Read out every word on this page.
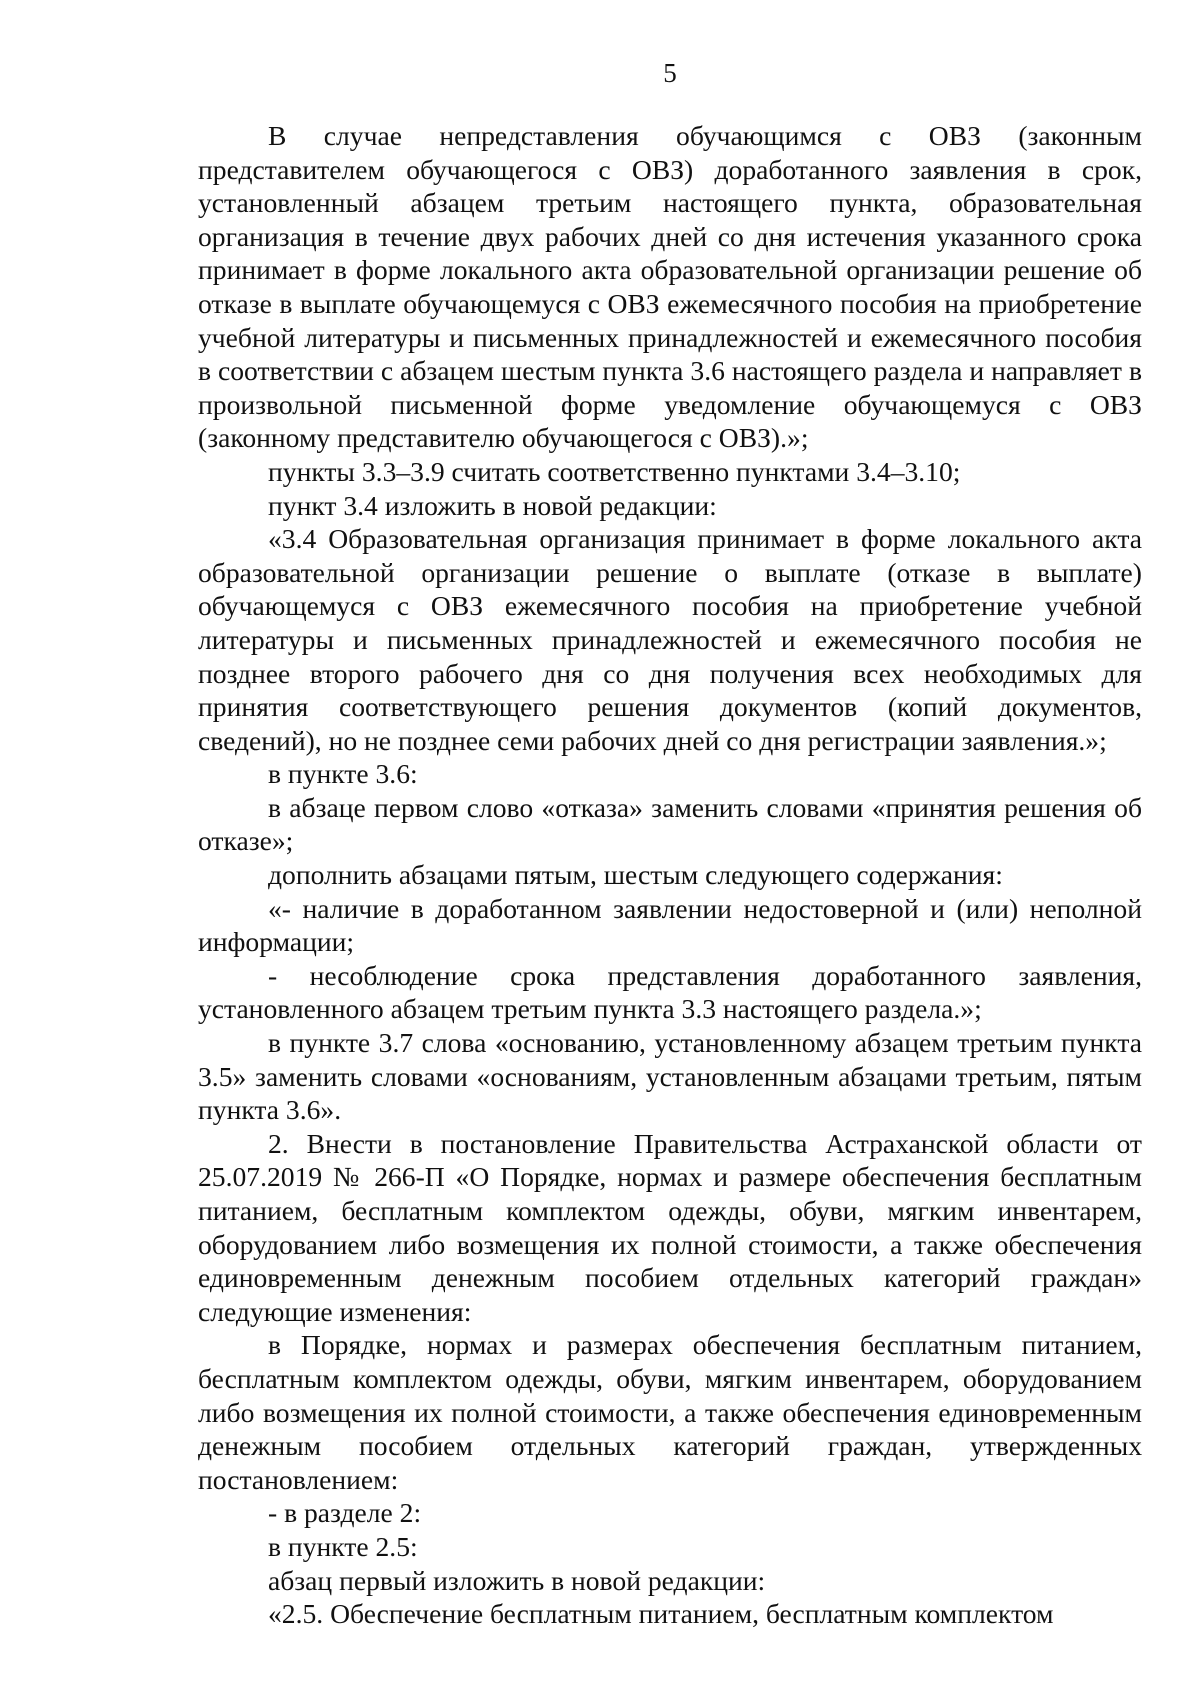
5

В случае непредставления обучающимся с ОВЗ (законным представителем обучающегося с ОВЗ) доработанного заявления в срок, установленный абзацем третьим настоящего пункта, образовательная организация в течение двух рабочих дней со дня истечения указанного срока принимает в форме локального акта образовательной организации решение об отказе в выплате обучающемуся с ОВЗ ежемесячного пособия на приобретение учебной литературы и письменных принадлежностей и ежемесячного пособия в соответствии с абзацем шестым пункта 3.6 настоящего раздела и направляет в произвольной письменной форме уведомление обучающемуся с ОВЗ (законному представителю обучающегося с ОВЗ).»;

пункты 3.3–3.9 считать соответственно пунктами 3.4–3.10;

пункт 3.4 изложить в новой редакции:

«3.4 Образовательная организация принимает в форме локального акта образовательной организации решение о выплате (отказе в выплате) обучающемуся с ОВЗ ежемесячного пособия на приобретение учебной литературы и письменных принадлежностей и ежемесячного пособия не позднее второго рабочего дня со дня получения всех необходимых для принятия соответствующего решения документов (копий документов, сведений), но не позднее семи рабочих дней со дня регистрации заявления.»;

в пункте 3.6:

в абзаце первом слово «отказа» заменить словами «принятия решения об отказе»;

дополнить абзацами пятым, шестым следующего содержания:

«- наличие в доработанном заявлении недостоверной и (или) неполной информации;

- несоблюдение срока представления доработанного заявления, установленного абзацем третьим пункта 3.3 настоящего раздела.»;

в пункте 3.7 слова «основанию, установленному абзацем третьим пункта 3.5» заменить словами «основаниям, установленным абзацами третьим, пятым пункта 3.6».

2. Внести в постановление Правительства Астраханской области от 25.07.2019 № 266-П «О Порядке, нормах и размере обеспечения бесплатным питанием, бесплатным комплектом одежды, обуви, мягким инвентарем, оборудованием либо возмещения их полной стоимости, а также обеспечения единовременным денежным пособием отдельных категорий граждан» следующие изменения:

в Порядке, нормах и размерах обеспечения бесплатным питанием, бесплатным комплектом одежды, обуви, мягким инвентарем, оборудованием либо возмещения их полной стоимости, а также обеспечения единовременным денежным пособием отдельных категорий граждан, утвержденных постановлением:

- в разделе 2:

в пункте 2.5:

абзац первый изложить в новой редакции:

«2.5. Обеспечение бесплатным питанием, бесплатным комплектом
